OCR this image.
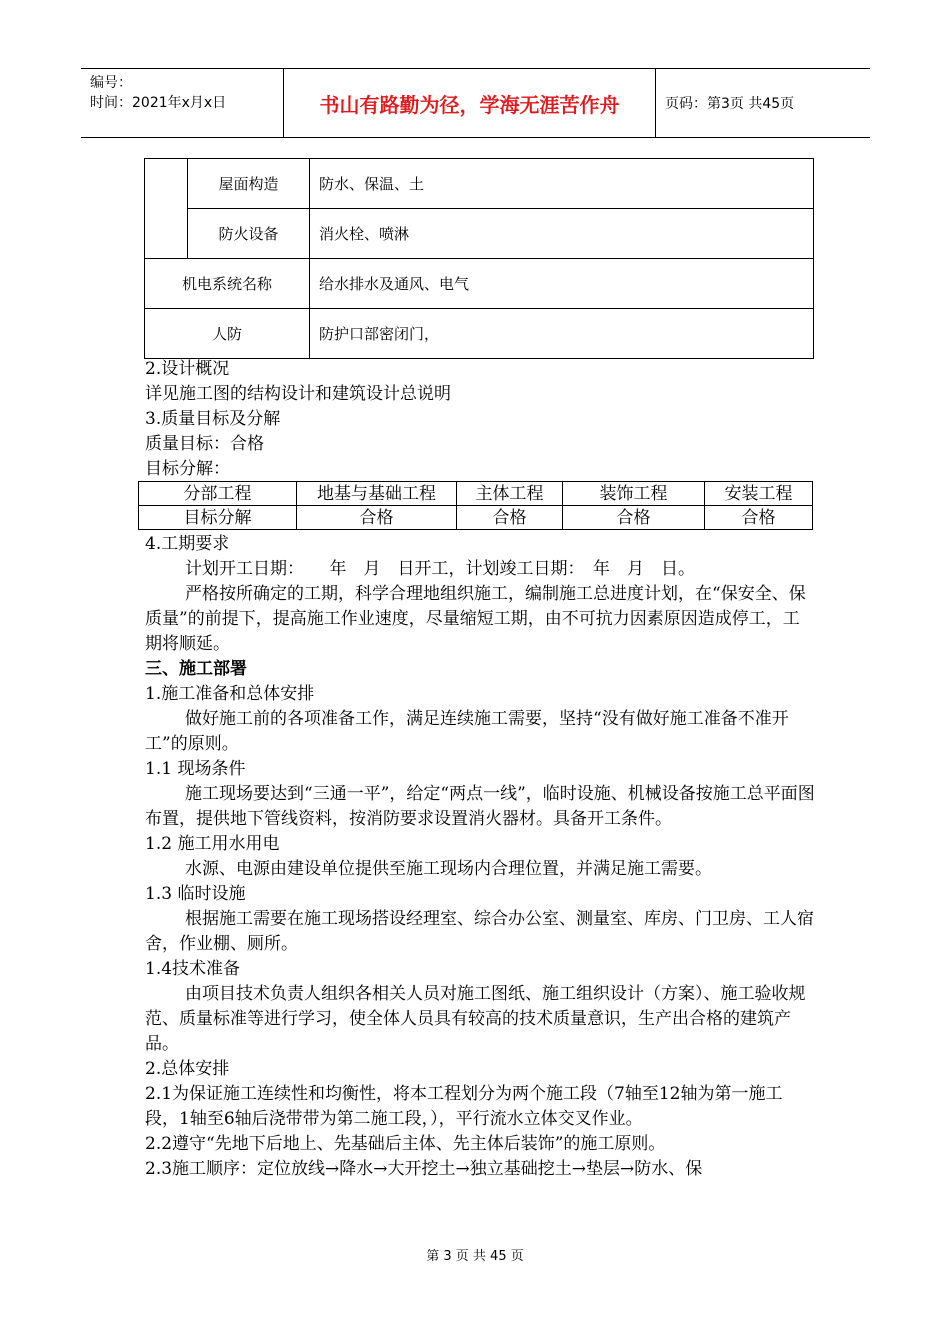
编号：
时间：2021年x月x日	书山有路勤为径，学海无涯苦作舟	页码：第3页 共45页
	屋面构造	防水、保温、土
	防火设备	消火栓、喷淋
机电系统名称		给水排水及通风、电气
人防		防护口部密闭门，

2.设计概况

详见施工图的结构设计和建筑设计总说明

3.质量目标及分解

质量目标：合格

目标分解：

分部工程	地基与基础工程	主体工程	装饰工程	安装工程
目标分解	合格	合格	合格	合格

4.工期要求

计划开工日期：　　年　月　日开工，计划竣工日期：　年　月　日。

严格按所确定的工期，科学合理地组织施工，编制施工总进度计划，在“保安全、保质量”的前提下，提高施工作业速度，尽量缩短工期，由不可抗力因素原因造成停工，工期将顺延。

三、施工部署

1.施工准备和总体安排

做好施工前的各项准备工作，满足连续施工需要，坚持“没有做好施工准备不准开工”的原则。

1.1 现场条件

施工现场要达到“三通一平”，给定“两点一线”，临时设施、机械设备按施工总平面图布置，提供地下管线资料，按消防要求设置消火器材。具备开工条件。

1.2 施工用水用电

水源、电源由建设单位提供至施工现场内合理位置，并满足施工需要。

1.3 临时设施

根据施工需要在施工现场搭设经理室、综合办公室、测量室、库房、门卫房、工人宿舍，作业棚、厕所。

1.4技术准备

由项目技术负责人组织各相关人员对施工图纸、施工组织设计（方案）、施工验收规范、质量标准等进行学习，使全体人员具有较高的技术质量意识，生产出合格的建筑产品。

2.总体安排

2.1为保证施工连续性和均衡性，将本工程划分为两个施工段（7轴至12轴为第一施工段，1轴至6轴后浇带带为第二施工段，），平行流水立体交叉作业。

2.2遵守“先地下后地上、先基础后主体、先主体后装饰”的施工原则。

2.3施工顺序：定位放线→降水→大开挖土→独立基础挖土→垫层→防水、保

第 3 页 共 45 页
